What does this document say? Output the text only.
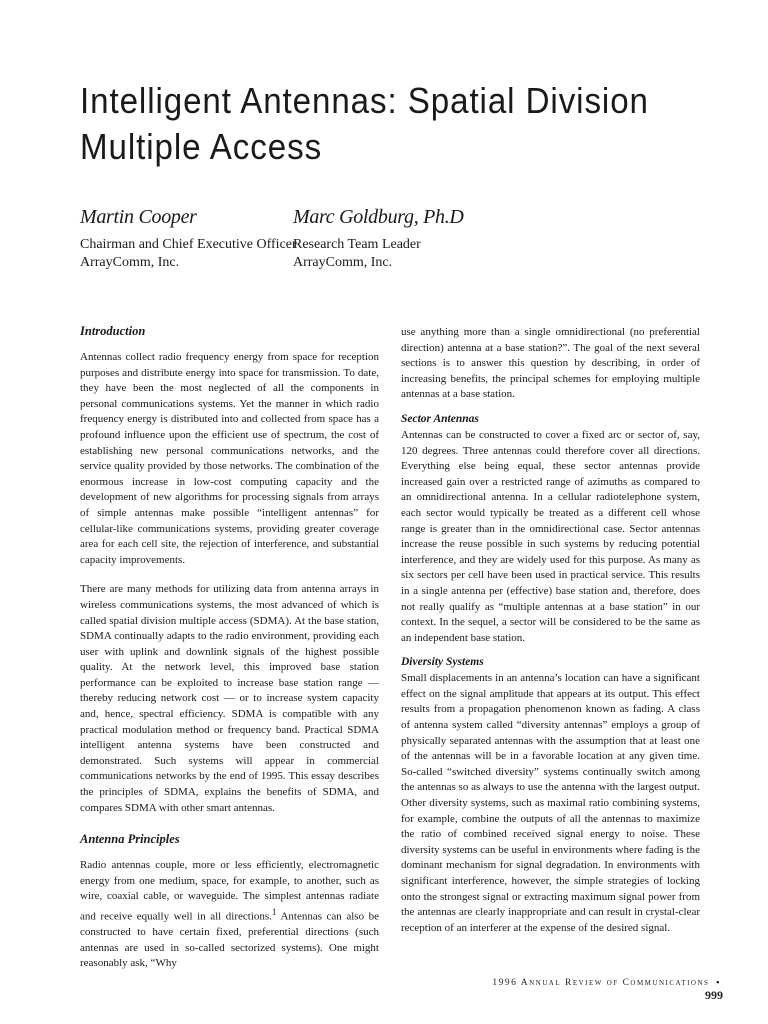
Intelligent Antennas: Spatial Division Multiple Access

Martin Cooper

Chairman and Chief Executive Officer

ArrayComm, Inc.

Marc Goldburg, Ph.D

Research Team Leader

ArrayComm, Inc.

Introduction

Antennas collect radio frequency energy from space for reception purposes and distribute energy into space for transmission. To date, they have been the most neglected of all the components in personal communications systems. Yet the manner in which radio frequency energy is distributed into and collected from space has a profound influence upon the efficient use of spectrum, the cost of establishing new personal communications networks, and the service quality provided by those networks. The combination of the enormous increase in low-cost computing capacity and the development of new algorithms for processing signals from arrays of simple antennas make possible “intelligent antennas” for cellular-like communications systems, providing greater coverage area for each cell site, the rejection of interference, and substantial capacity improvements.

There are many methods for utilizing data from antenna arrays in wireless communications systems, the most advanced of which is called spatial division multiple access (SDMA). At the base station, SDMA continually adapts to the radio environment, providing each user with uplink and downlink signals of the highest possible quality. At the network level, this improved base station performance can be exploited to increase base station range — thereby reducing network cost — or to increase system capacity and, hence, spectral efficiency. SDMA is compatible with any practical modulation method or frequency band. Practical SDMA intelligent antenna systems have been constructed and demonstrated. Such systems will appear in commercial communications networks by the end of 1995. This essay describes the principles of SDMA, explains the benefits of SDMA, and compares SDMA with other smart antennas.

Antenna Principles

Radio antennas couple, more or less efficiently, electromagnetic energy from one medium, space, for example, to another, such as wire, coaxial cable, or waveguide. The simplest antennas radiate and receive equally well in all directions.$^1$ Antennas can also be constructed to have certain fixed, preferential directions (such antennas are used in so-called sectorized systems). One might reasonably ask, “Why

use anything more than a single omnidirectional (no preferential direction) antenna at a base station?”. The goal of the next several sections is to answer this question by describing, in order of increasing benefits, the principal schemes for employing multiple antennas at a base station.

Sector Antennas

Antennas can be constructed to cover a fixed arc or sector of, say, 120 degrees. Three antennas could therefore cover all directions. Everything else being equal, these sector antennas provide increased gain over a restricted range of azimuths as compared to an omnidirectional antenna. In a cellular radiotelephone system, each sector would typically be treated as a different cell whose range is greater than in the omnidirectional case. Sector antennas increase the reuse possible in such systems by reducing potential interference, and they are widely used for this purpose. As many as six sectors per cell have been used in practical service. This results in a single antenna per (effective) base station and, therefore, does not really qualify as “multiple antennas at a base station” in our context. In the sequel, a sector will be considered to be the same as an independent base station.

Diversity Systems

Small displacements in an antenna’s location can have a significant effect on the signal amplitude that appears at its output. This effect results from a propagation phenomenon known as fading. A class of antenna system called “diversity antennas” employs a group of physically separated antennas with the assumption that at least one of the antennas will be in a favorable location at any given time. So-called “switched diversity” systems continually switch among the antennas so as always to use the antenna with the largest output. Other diversity systems, such as maximal ratio combining systems, for example, combine the outputs of all the antennas to maximize the ratio of combined received signal energy to noise. These diversity systems can be useful in environments where fading is the dominant mechanism for signal degradation. In environments with significant interference, however, the simple strategies of locking onto the strongest signal or extracting maximum signal power from the antennas are clearly inappropriate and can result in crystal-clear reception of an interferer at the expense of the desired signal.

1996 Annual Review of Communications ▪ 999
